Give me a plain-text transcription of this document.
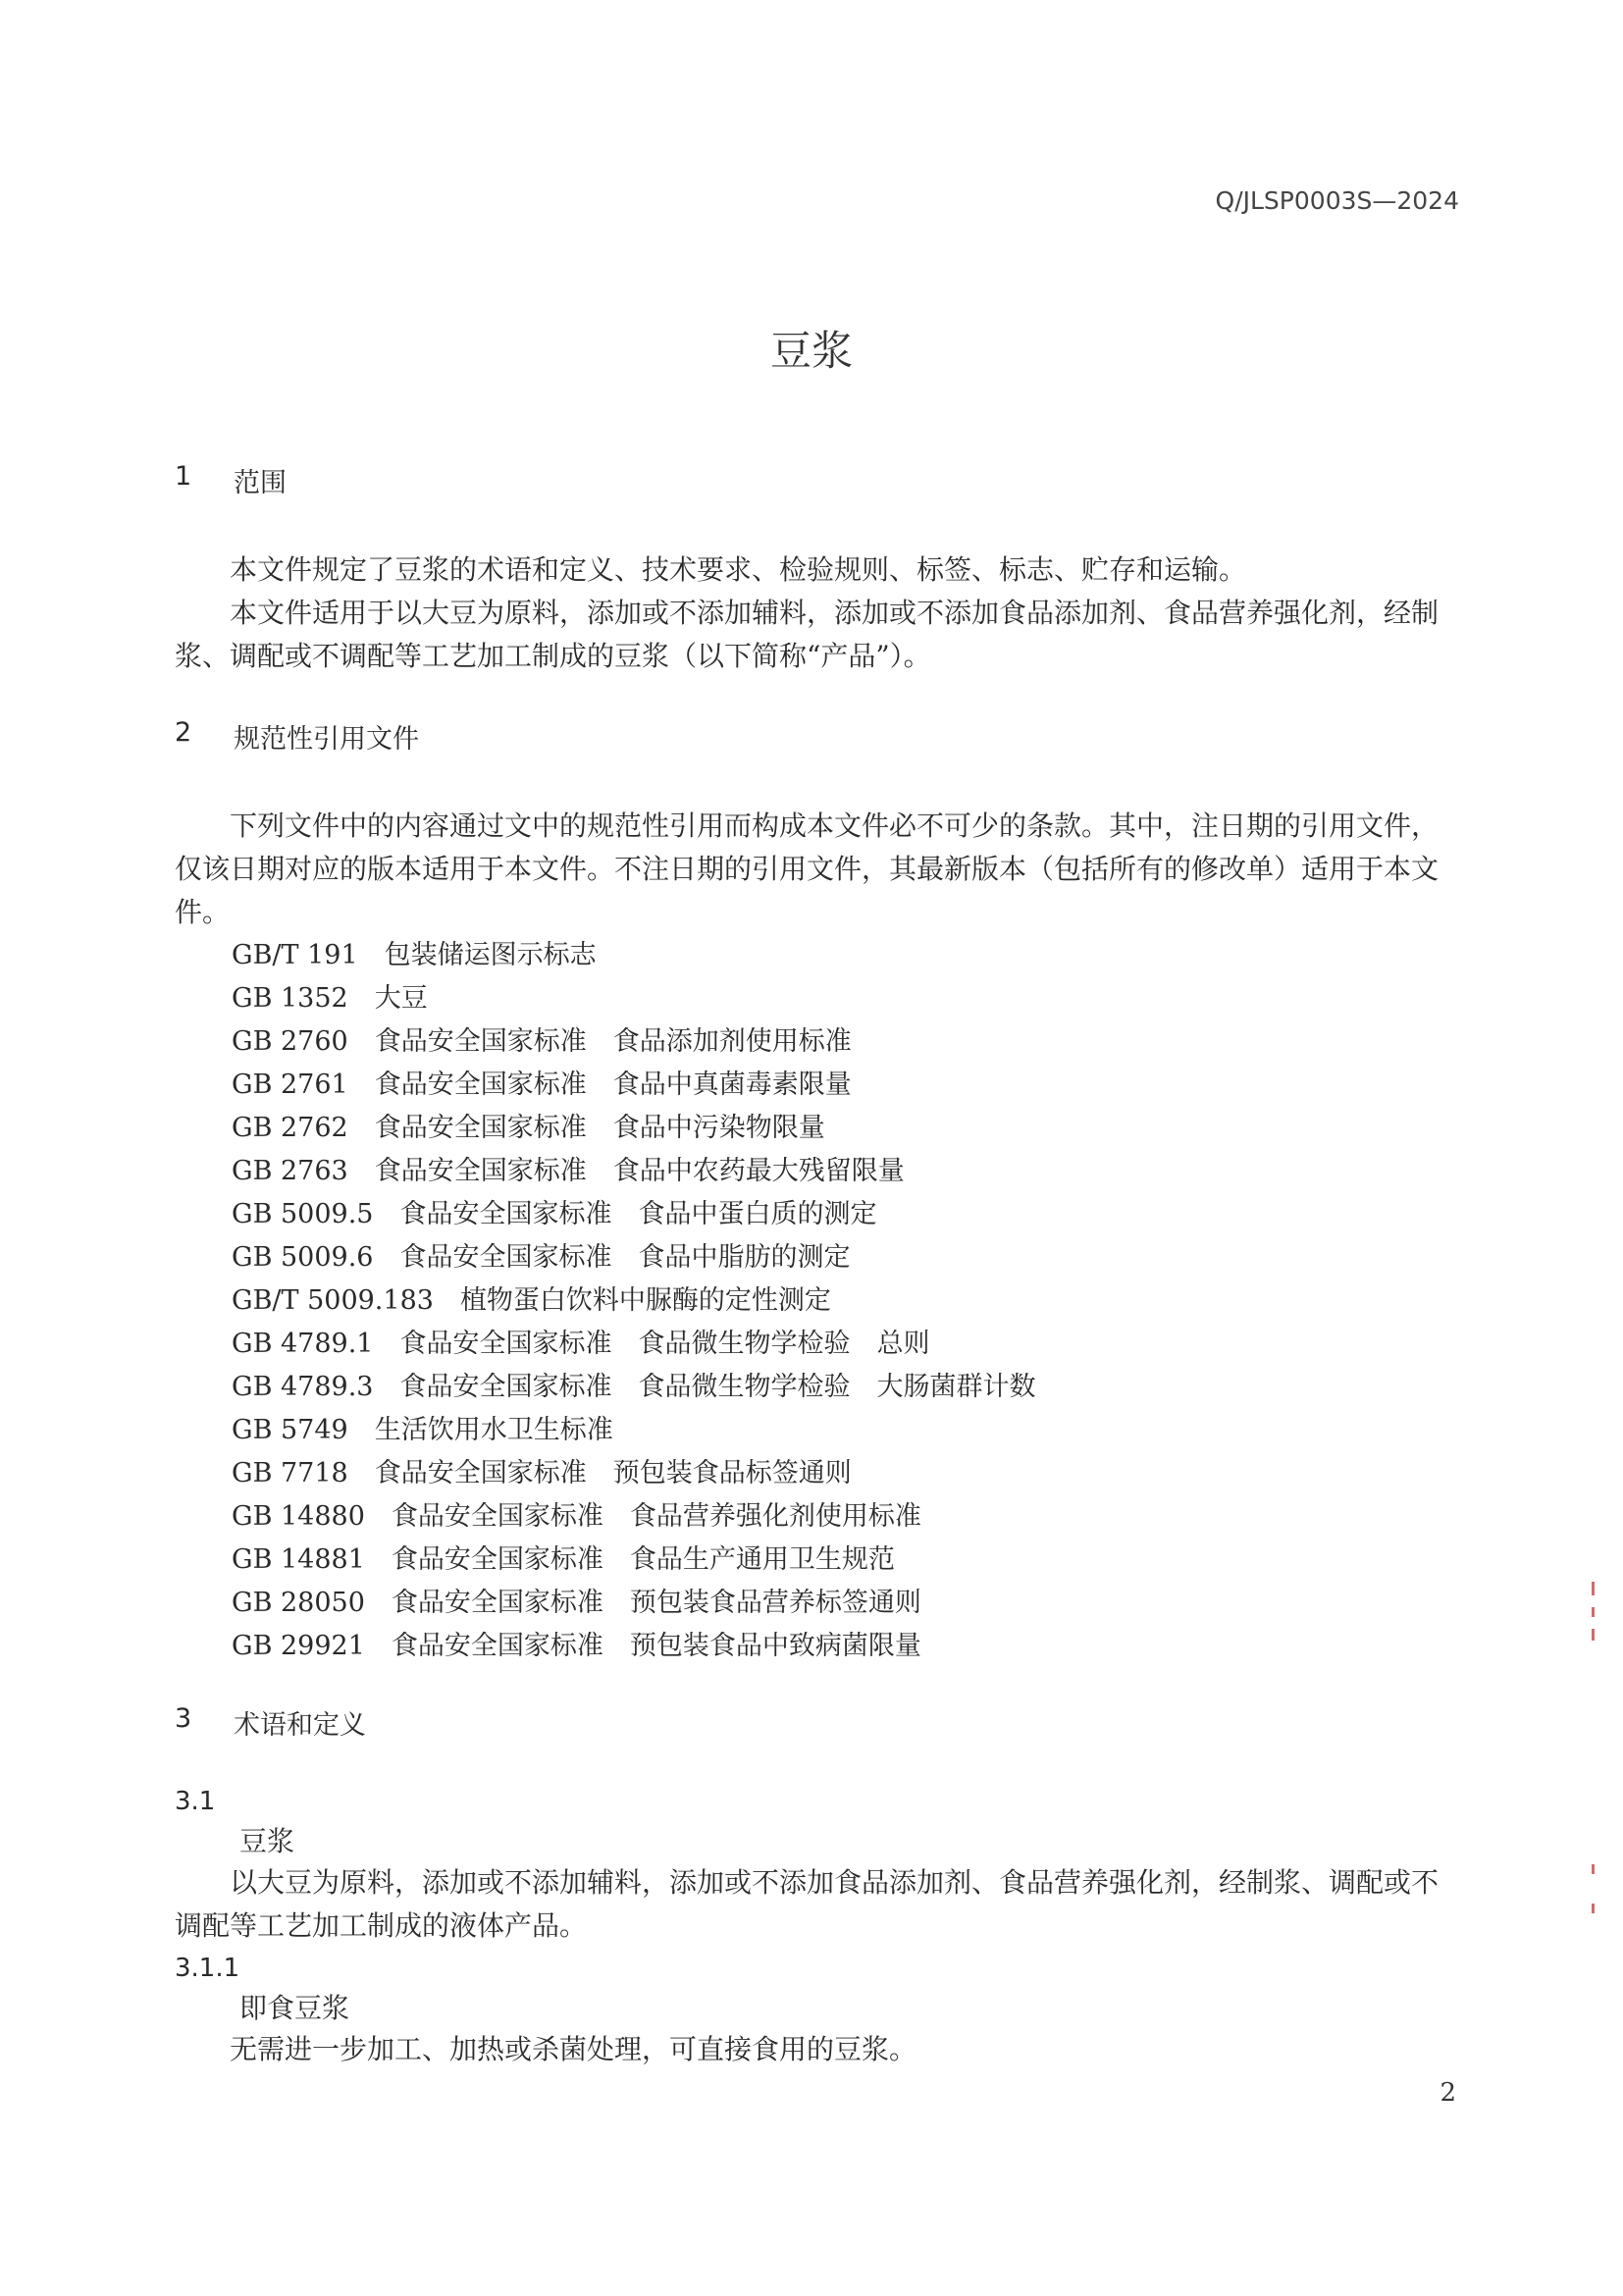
Q/JLSP0003S—2024
豆浆
1	范围

本文件规定了豆浆的术语和定义、技术要求、检验规则、标签、标志、贮存和运输。

本文件适用于以大豆为原料，添加或不添加辅料，添加或不添加食品添加剂、食品营养强化剂，经制浆、调配或不调配等工艺加工制成的豆浆（以下简称“产品”）。

2	规范性引用文件

下列文件中的内容通过文中的规范性引用而构成本文件必不可少的条款。其中，注日期的引用文件，仅该日期对应的版本适用于本文件。不注日期的引用文件，其最新版本（包括所有的修改单）适用于本文件。

GB/T 191　 包装储运图示标志
GB 1352　 大豆
GB 2760　 食品安全国家标准　食品添加剂使用标准
GB 2761　 食品安全国家标准　食品中真菌毒素限量
GB 2762　 食品安全国家标准　食品中污染物限量
GB 2763　 食品安全国家标准　食品中农药最大残留限量
GB 5009.5　 食品安全国家标准　食品中蛋白质的测定
GB 5009.6　 食品安全国家标准　食品中脂肪的测定
GB/T 5009.183　 植物蛋白饮料中脲酶的定性测定
GB 4789.1　 食品安全国家标准　食品微生物学检验　总则
GB 4789.3　 食品安全国家标准　食品微生物学检验　大肠菌群计数
GB 5749　 生活饮用水卫生标准
GB 7718　 食品安全国家标准　预包装食品标签通则
GB 14880　 食品安全国家标准　食品营养强化剂使用标准
GB 14881　 食品安全国家标准　食品生产通用卫生规范
GB 28050　 食品安全国家标准　预包装食品营养标签通则
GB 29921　 食品安全国家标准　预包装食品中致病菌限量
3	术语和定义
3.1
豆浆

以大豆为原料，添加或不添加辅料，添加或不添加食品添加剂、食品营养强化剂，经制浆、调配或不调配等工艺加工制成的液体产品。

3.1.1
即食豆浆

无需进一步加工、加热或杀菌处理，可直接食用的豆浆。

2
